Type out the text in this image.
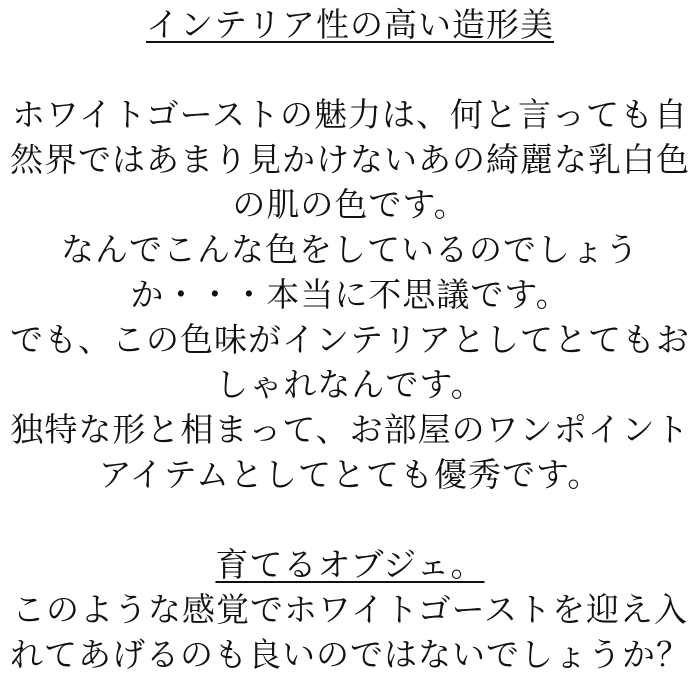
インテリア性の高い造形美
ホワイトゴーストの魅力は、何と言っても自
然界ではあまり見かけないあの綺麗な乳白色
の肌の色です。
なんでこんな色をしているのでしょう
か・・・本当に不思議です。
でも、この色味がインテリアとしてとてもお
しゃれなんです。
独特な形と相まって、お部屋のワンポイント
アイテムとしてとても優秀です。
育てるオブジェ。
このような感覚でホワイトゴーストを迎え入
れてあげるのも良いのではないでしょうか？
